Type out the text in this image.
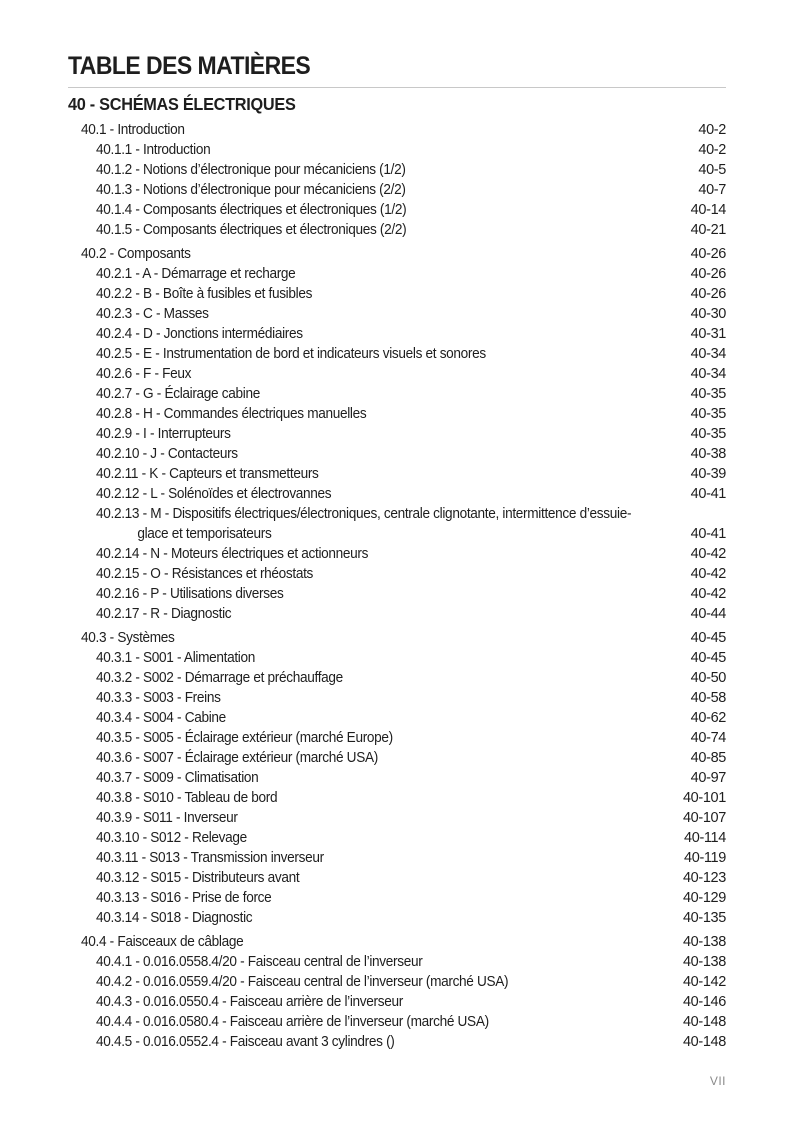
TABLE DES MATIÈRES
40 - SCHÉMAS ÉLECTRIQUES
40.1 - Introduction	40-2
40.1.1 - Introduction	40-2
40.1.2 - Notions d’électronique pour mécaniciens (1/2)	40-5
40.1.3 - Notions d’électronique pour mécaniciens (2/2)	40-7
40.1.4 - Composants électriques et électroniques (1/2)	40-14
40.1.5 - Composants électriques et électroniques (2/2)	40-21
40.2 - Composants	40-26
40.2.1 - A - Démarrage et recharge	40-26
40.2.2 - B - Boîte à fusibles et fusibles	40-26
40.2.3 - C - Masses	40-30
40.2.4 - D - Jonctions intermédiaires	40-31
40.2.5 - E - Instrumentation de bord et indicateurs visuels et sonores	40-34
40.2.6 - F - Feux	40-34
40.2.7 - G - Éclairage cabine	40-35
40.2.8 - H - Commandes électriques manuelles	40-35
40.2.9 - I - Interrupteurs	40-35
40.2.10 - J - Contacteurs	40-38
40.2.11 - K - Capteurs et transmetteurs	40-39
40.2.12 - L - Solénoïdes et électrovannes	40-41
40.2.13 - M - Dispositifs électriques/électroniques, centrale clignotante, intermittence d’essuie-
glace et temporisateurs	40-41
40.2.14 - N - Moteurs électriques et actionneurs	40-42
40.2.15 - O - Résistances et rhéostats	40-42
40.2.16 - P - Utilisations diverses	40-42
40.2.17 - R - Diagnostic	40-44
40.3 - Systèmes	40-45
40.3.1 - S001 - Alimentation	40-45
40.3.2 - S002 - Démarrage et préchauffage	40-50
40.3.3 - S003 - Freins	40-58
40.3.4 - S004 - Cabine	40-62
40.3.5 - S005 - Éclairage extérieur (marché Europe)	40-74
40.3.6 - S007 - Éclairage extérieur (marché USA)	40-85
40.3.7 - S009 - Climatisation	40-97
40.3.8 - S010 - Tableau de bord	40-101
40.3.9 - S011 - Inverseur	40-107
40.3.10 - S012 - Relevage	40-114
40.3.11 - S013 - Transmission inverseur	40-119
40.3.12 - S015 - Distributeurs avant	40-123
40.3.13 - S016 - Prise de force	40-129
40.3.14 - S018 - Diagnostic	40-135
40.4 - Faisceaux de câblage	40-138
40.4.1 - 0.016.0558.4/20 - Faisceau central de l’inverseur	40-138
40.4.2 - 0.016.0559.4/20 - Faisceau central de l’inverseur (marché USA)	40-142
40.4.3 - 0.016.0550.4 - Faisceau arrière de l’inverseur	40-146
40.4.4 - 0.016.0580.4 - Faisceau arrière de l’inverseur (marché USA)	40-148
40.4.5 - 0.016.0552.4 - Faisceau avant 3 cylindres ()	40-148
VII
